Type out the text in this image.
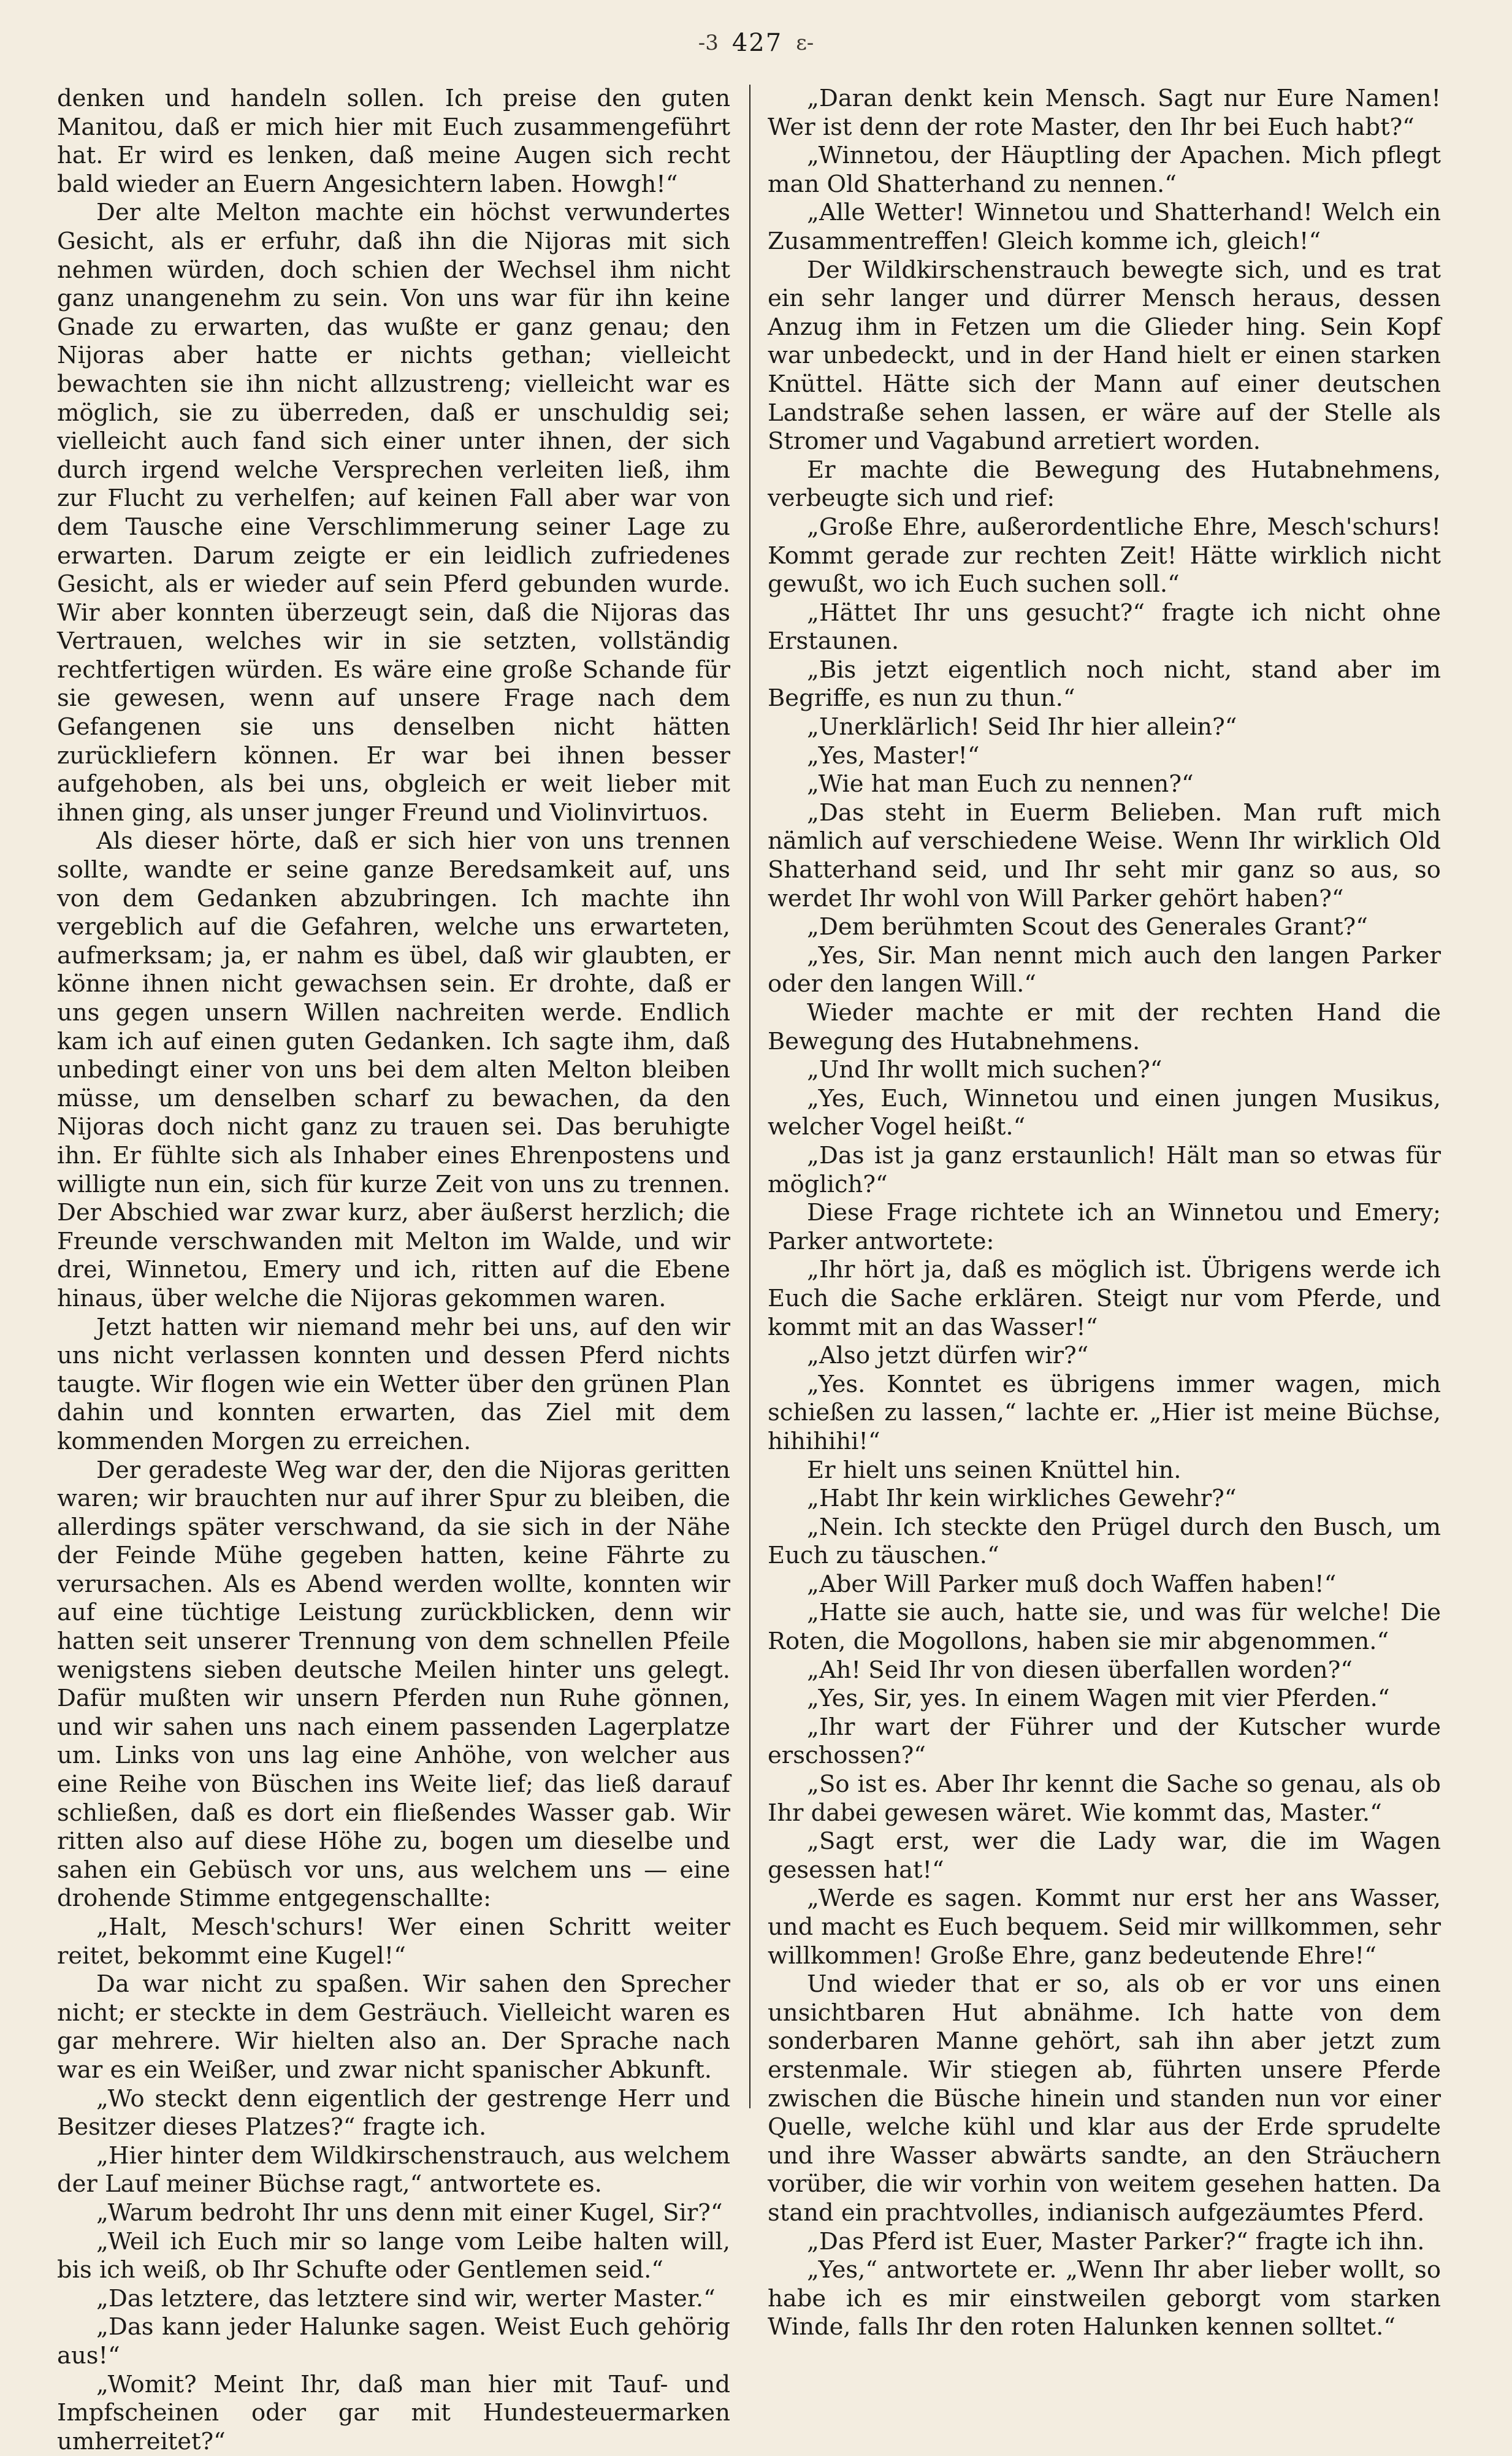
-3 427 ε-

denken und handeln sollen. Ich preise den guten Manitou, daß er mich hier mit Euch zusammengeführt hat. Er wird es lenken, daß meine Augen sich recht bald wieder an Euern Angesichtern laben. Howgh!“

Der alte Melton machte ein höchst verwundertes Gesicht, als er erfuhr, daß ihn die Nijoras mit sich nehmen würden, doch schien der Wechsel ihm nicht ganz unangenehm zu sein. Von uns war für ihn keine Gnade zu erwarten, das wußte er ganz genau; den Nijoras aber hatte er nichts gethan; vielleicht bewachten sie ihn nicht allzustreng; vielleicht war es möglich, sie zu überreden, daß er unschuldig sei; vielleicht auch fand sich einer unter ihnen, der sich durch irgend welche Versprechen verleiten ließ, ihm zur Flucht zu verhelfen; auf keinen Fall aber war von dem Tausche eine Verschlimmerung seiner Lage zu erwarten. Darum zeigte er ein leidlich zufriedenes Gesicht, als er wieder auf sein Pferd gebunden wurde. Wir aber konnten überzeugt sein, daß die Nijoras das Vertrauen, welches wir in sie setzten, vollständig rechtfertigen würden. Es wäre eine große Schande für sie gewesen, wenn auf unsere Frage nach dem Gefangenen sie uns denselben nicht hätten zurückliefern können. Er war bei ihnen besser aufgehoben, als bei uns, obgleich er weit lieber mit ihnen ging, als unser junger Freund und Violinvirtuos.

Als dieser hörte, daß er sich hier von uns trennen sollte, wandte er seine ganze Beredsamkeit auf, uns von dem Gedanken abzubringen. Ich machte ihn vergeblich auf die Gefahren, welche uns erwarteten, aufmerksam; ja, er nahm es übel, daß wir glaubten, er könne ihnen nicht gewachsen sein. Er drohte, daß er uns gegen unsern Willen nachreiten werde. Endlich kam ich auf einen guten Gedanken. Ich sagte ihm, daß unbedingt einer von uns bei dem alten Melton bleiben müsse, um denselben scharf zu bewachen, da den Nijoras doch nicht ganz zu trauen sei. Das beruhigte ihn. Er fühlte sich als Inhaber eines Ehrenpostens und willigte nun ein, sich für kurze Zeit von uns zu trennen. Der Abschied war zwar kurz, aber äußerst herzlich; die Freunde verschwanden mit Melton im Walde, und wir drei, Winnetou, Emery und ich, ritten auf die Ebene hinaus, über welche die Nijoras gekommen waren.

Jetzt hatten wir niemand mehr bei uns, auf den wir uns nicht verlassen konnten und dessen Pferd nichts taugte. Wir flogen wie ein Wetter über den grünen Plan dahin und konnten erwarten, das Ziel mit dem kommenden Morgen zu erreichen.

Der geradeste Weg war der, den die Nijoras geritten waren; wir brauchten nur auf ihrer Spur zu bleiben, die allerdings später verschwand, da sie sich in der Nähe der Feinde Mühe gegeben hatten, keine Fährte zu verursachen. Als es Abend werden wollte, konnten wir auf eine tüchtige Leistung zurückblicken, denn wir hatten seit unserer Trennung von dem schnellen Pfeile wenigstens sieben deutsche Meilen hinter uns gelegt. Dafür mußten wir unsern Pferden nun Ruhe gönnen, und wir sahen uns nach einem passenden Lagerplatze um. Links von uns lag eine Anhöhe, von welcher aus eine Reihe von Büschen ins Weite lief; das ließ darauf schließen, daß es dort ein fließendes Wasser gab. Wir ritten also auf diese Höhe zu, bogen um dieselbe und sahen ein Gebüsch vor uns, aus welchem uns — eine drohende Stimme entgegenschallte:

„Halt, Mesch'schurs! Wer einen Schritt weiter reitet, bekommt eine Kugel!“

Da war nicht zu spaßen. Wir sahen den Sprecher nicht; er steckte in dem Gesträuch. Vielleicht waren es gar mehrere. Wir hielten also an. Der Sprache nach war es ein Weißer, und zwar nicht spanischer Abkunft.

„Wo steckt denn eigentlich der gestrenge Herr und Besitzer dieses Platzes?“ fragte ich.

„Hier hinter dem Wildkirschenstrauch, aus welchem der Lauf meiner Büchse ragt,“ antwortete es.

„Warum bedroht Ihr uns denn mit einer Kugel, Sir?“

„Weil ich Euch mir so lange vom Leibe halten will, bis ich weiß, ob Ihr Schufte oder Gentlemen seid.“

„Das letztere, das letztere sind wir, werter Master.“

„Das kann jeder Halunke sagen. Weist Euch gehörig aus!“

„Womit? Meint Ihr, daß man hier mit Tauf- und Impfscheinen oder gar mit Hundesteuermarken umherreitet?“

„Daran denkt kein Mensch. Sagt nur Eure Namen! Wer ist denn der rote Master, den Ihr bei Euch habt?“

„Winnetou, der Häuptling der Apachen. Mich pflegt man Old Shatterhand zu nennen.“

„Alle Wetter! Winnetou und Shatterhand! Welch ein Zusammentreffen! Gleich komme ich, gleich!“

Der Wildkirschenstrauch bewegte sich, und es trat ein sehr langer und dürrer Mensch heraus, dessen Anzug ihm in Fetzen um die Glieder hing. Sein Kopf war unbedeckt, und in der Hand hielt er einen starken Knüttel. Hätte sich der Mann auf einer deutschen Landstraße sehen lassen, er wäre auf der Stelle als Stromer und Vagabund arretiert worden.

Er machte die Bewegung des Hutabnehmens, verbeugte sich und rief:

„Große Ehre, außerordentliche Ehre, Mesch'schurs! Kommt gerade zur rechten Zeit! Hätte wirklich nicht gewußt, wo ich Euch suchen soll.“

„Hättet Ihr uns gesucht?“ fragte ich nicht ohne Erstaunen.

„Bis jetzt eigentlich noch nicht, stand aber im Begriffe, es nun zu thun.“

„Unerklärlich! Seid Ihr hier allein?“

„Yes, Master!“

„Wie hat man Euch zu nennen?“

„Das steht in Euerm Belieben. Man ruft mich nämlich auf verschiedene Weise. Wenn Ihr wirklich Old Shatterhand seid, und Ihr seht mir ganz so aus, so werdet Ihr wohl von Will Parker gehört haben?“

„Dem berühmten Scout des Generales Grant?“

„Yes, Sir. Man nennt mich auch den langen Parker oder den langen Will.“

Wieder machte er mit der rechten Hand die Bewegung des Hutabnehmens.

„Und Ihr wollt mich suchen?“

„Yes, Euch, Winnetou und einen jungen Musikus, welcher Vogel heißt.“

„Das ist ja ganz erstaunlich! Hält man so etwas für möglich?“

Diese Frage richtete ich an Winnetou und Emery; Parker antwortete:

„Ihr hört ja, daß es möglich ist. Übrigens werde ich Euch die Sache erklären. Steigt nur vom Pferde, und kommt mit an das Wasser!“

„Also jetzt dürfen wir?“

„Yes. Konntet es übrigens immer wagen, mich schießen zu lassen,“ lachte er. „Hier ist meine Büchse, hihihihi!“

Er hielt uns seinen Knüttel hin.

„Habt Ihr kein wirkliches Gewehr?“

„Nein. Ich steckte den Prügel durch den Busch, um Euch zu täuschen.“

„Aber Will Parker muß doch Waffen haben!“

„Hatte sie auch, hatte sie, und was für welche! Die Roten, die Mogollons, haben sie mir abgenommen.“

„Ah! Seid Ihr von diesen überfallen worden?“

„Yes, Sir, yes. In einem Wagen mit vier Pferden.“

„Ihr wart der Führer und der Kutscher wurde erschossen?“

„So ist es. Aber Ihr kennt die Sache so genau, als ob Ihr dabei gewesen wäret. Wie kommt das, Master.“

„Sagt erst, wer die Lady war, die im Wagen gesessen hat!“

„Werde es sagen. Kommt nur erst her ans Wasser, und macht es Euch bequem. Seid mir willkommen, sehr willkommen! Große Ehre, ganz bedeutende Ehre!“

Und wieder that er so, als ob er vor uns einen unsichtbaren Hut abnähme. Ich hatte von dem sonderbaren Manne gehört, sah ihn aber jetzt zum erstenmale. Wir stiegen ab, führten unsere Pferde zwischen die Büsche hinein und standen nun vor einer Quelle, welche kühl und klar aus der Erde sprudelte und ihre Wasser abwärts sandte, an den Sträuchern vorüber, die wir vorhin von weitem gesehen hatten. Da stand ein prachtvolles, indianisch aufgezäumtes Pferd.

„Das Pferd ist Euer, Master Parker?“ fragte ich ihn.

„Yes,“ antwortete er. „Wenn Ihr aber lieber wollt, so habe ich es mir einstweilen geborgt vom starken Winde, falls Ihr den roten Halunken kennen solltet.“
